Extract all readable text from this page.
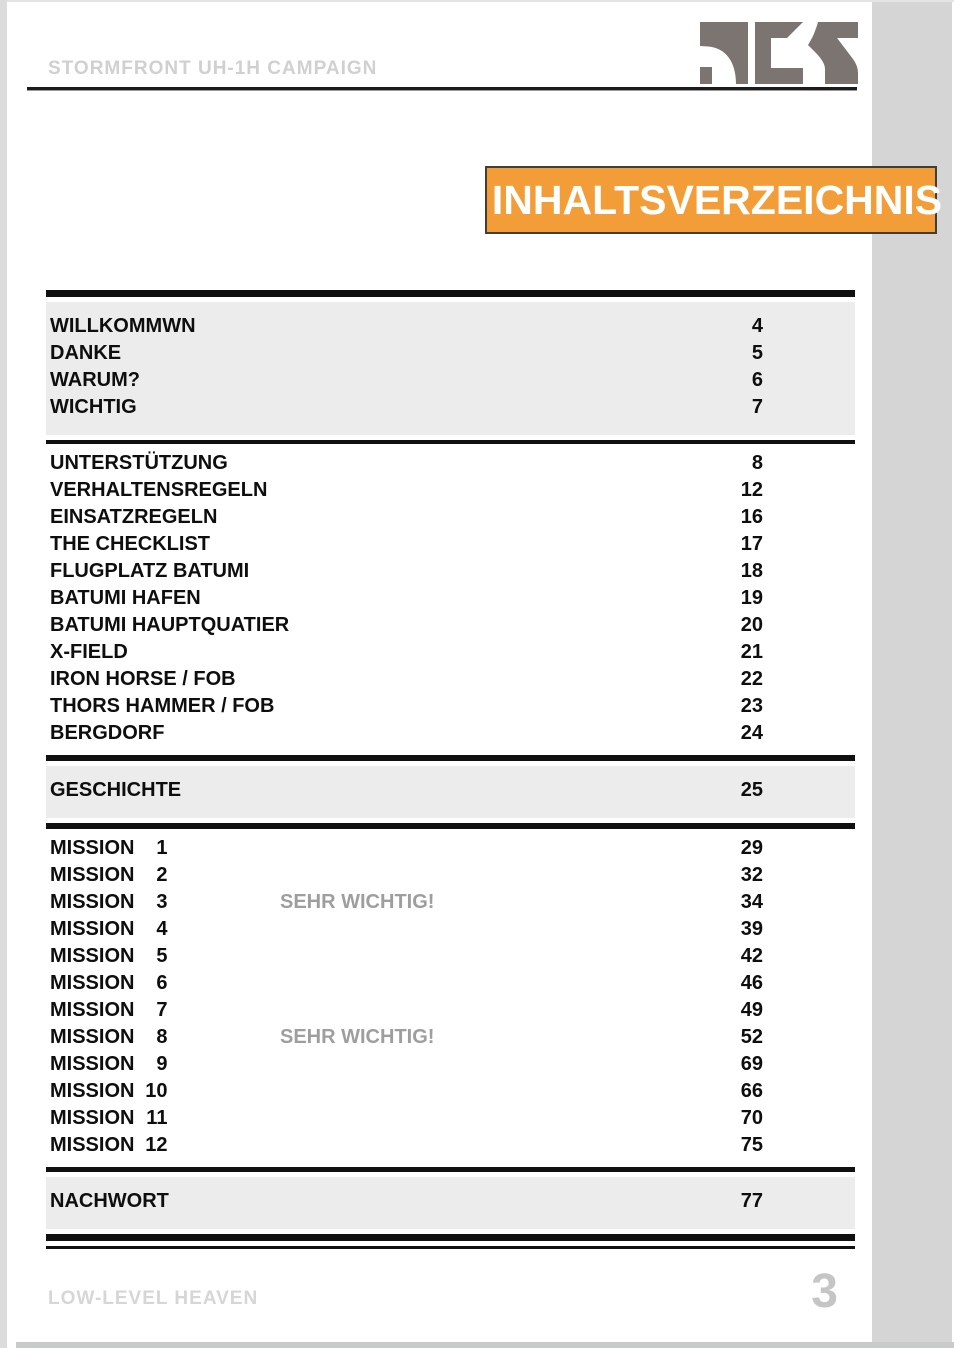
STORMFRONT UH-1H CAMPAIGN
INHALTSVERZEICHNIS
WILLKOMMWN	4
DANKE	5
WARUM?	6
WICHTIG	7
UNTERSTÜTZUNG	8
VERHALTENSREGELN	12
EINSATZREGELN	16
THE CHECKLIST	17
FLUGPLATZ BATUMI	18
BATUMI HAFEN	19
BATUMI HAUPTQUATIER	20
X-FIELD	21
IRON HORSE / FOB	22
THORS HAMMER / FOB	23
BERGDORF	24
GESCHICHTE	25
MISSION 1	29
MISSION 2	32
MISSION 3	SEHR WICHTIG!	34
MISSION 4	39
MISSION 5	42
MISSION 6	46
MISSION 7	49
MISSION 8	SEHR WICHTIG!	52
MISSION 9	69
MISSION 10	66
MISSION 11	70
MISSION 12	75
NACHWORT	77
LOW-LEVEL HEAVEN	3
